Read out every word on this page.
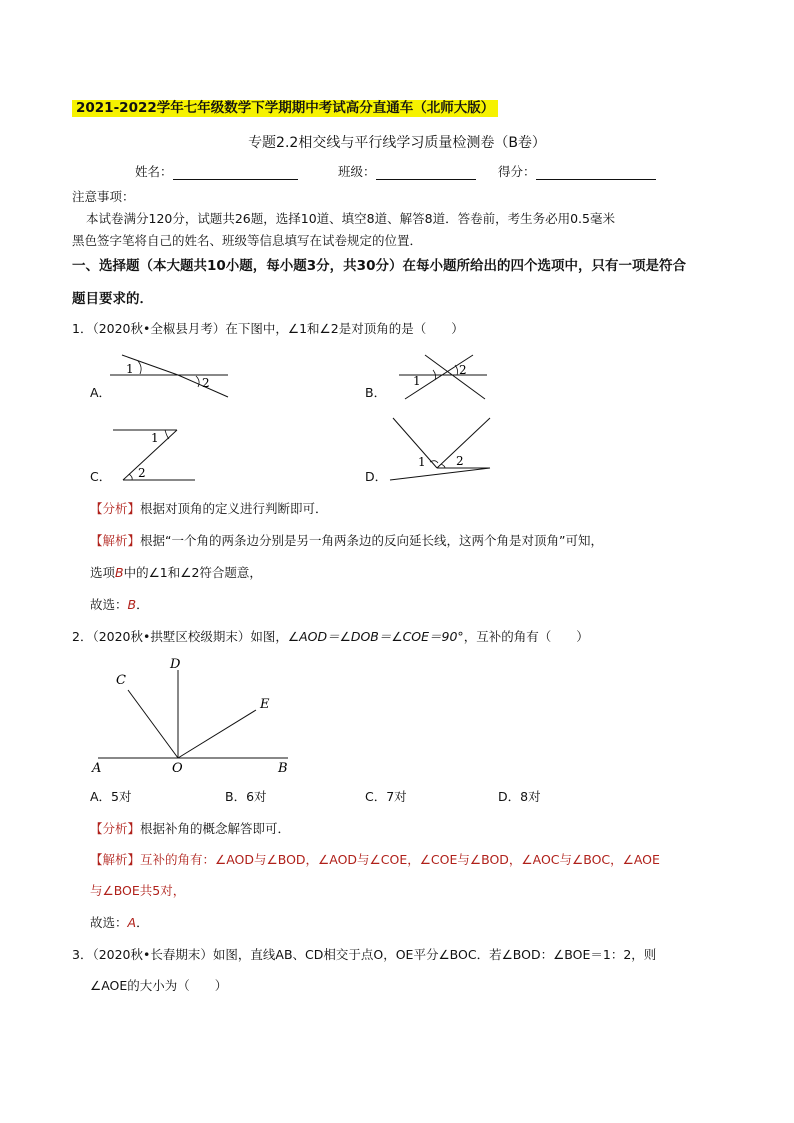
2021-2022学年七年级数学下学期期中考试高分直通车（北师大版）
专题2.2相交线与平行线学习质量检测卷（B卷）
姓名：	班级：	得分：
注意事项：
本试卷满分120分，试题共26题，选择10道、填空8道、解答8道．答卷前，考生务必用0.5毫米
黑色签字笔将自己的姓名、班级等信息填写在试卷规定的位置．
一、选择题（本大题共10小题，每小题3分，共30分）在每小题所给出的四个选项中，只有一项是符合
题目要求的．
1．（2020秋•全椒县月考）在下图中，∠1和∠2是对顶角的是（　　）
1
2
A．
1
2
B．
1
2
C．
1	2
D．
【分析】根据对顶角的定义进行判断即可．
【解析】根据“一个角的两条边分别是另一角两条边的反向延长线，这两个角是对顶角”可知，
选项B中的∠1和∠2符合题意，
故选：B．
2．（2020秋•拱墅区校级期末）如图，∠AOD＝∠DOB＝∠COE＝90°，互补的角有（　　）
A	O	B
D
C
E
A．5对	B．6对	C．7对	D．8对
【分析】根据补角的概念解答即可．
【解析】互补的角有：∠AOD与∠BOD，∠AOD与∠COE，∠COE与∠BOD，∠AOC与∠BOC，∠AOE
与∠BOE共5对，
故选：A．
3．（2020秋•长春期末）如图，直线AB、CD相交于点O，OE平分∠BOC．若∠BOD：∠BOE＝1：2，则
∠AOE的大小为（　　）
